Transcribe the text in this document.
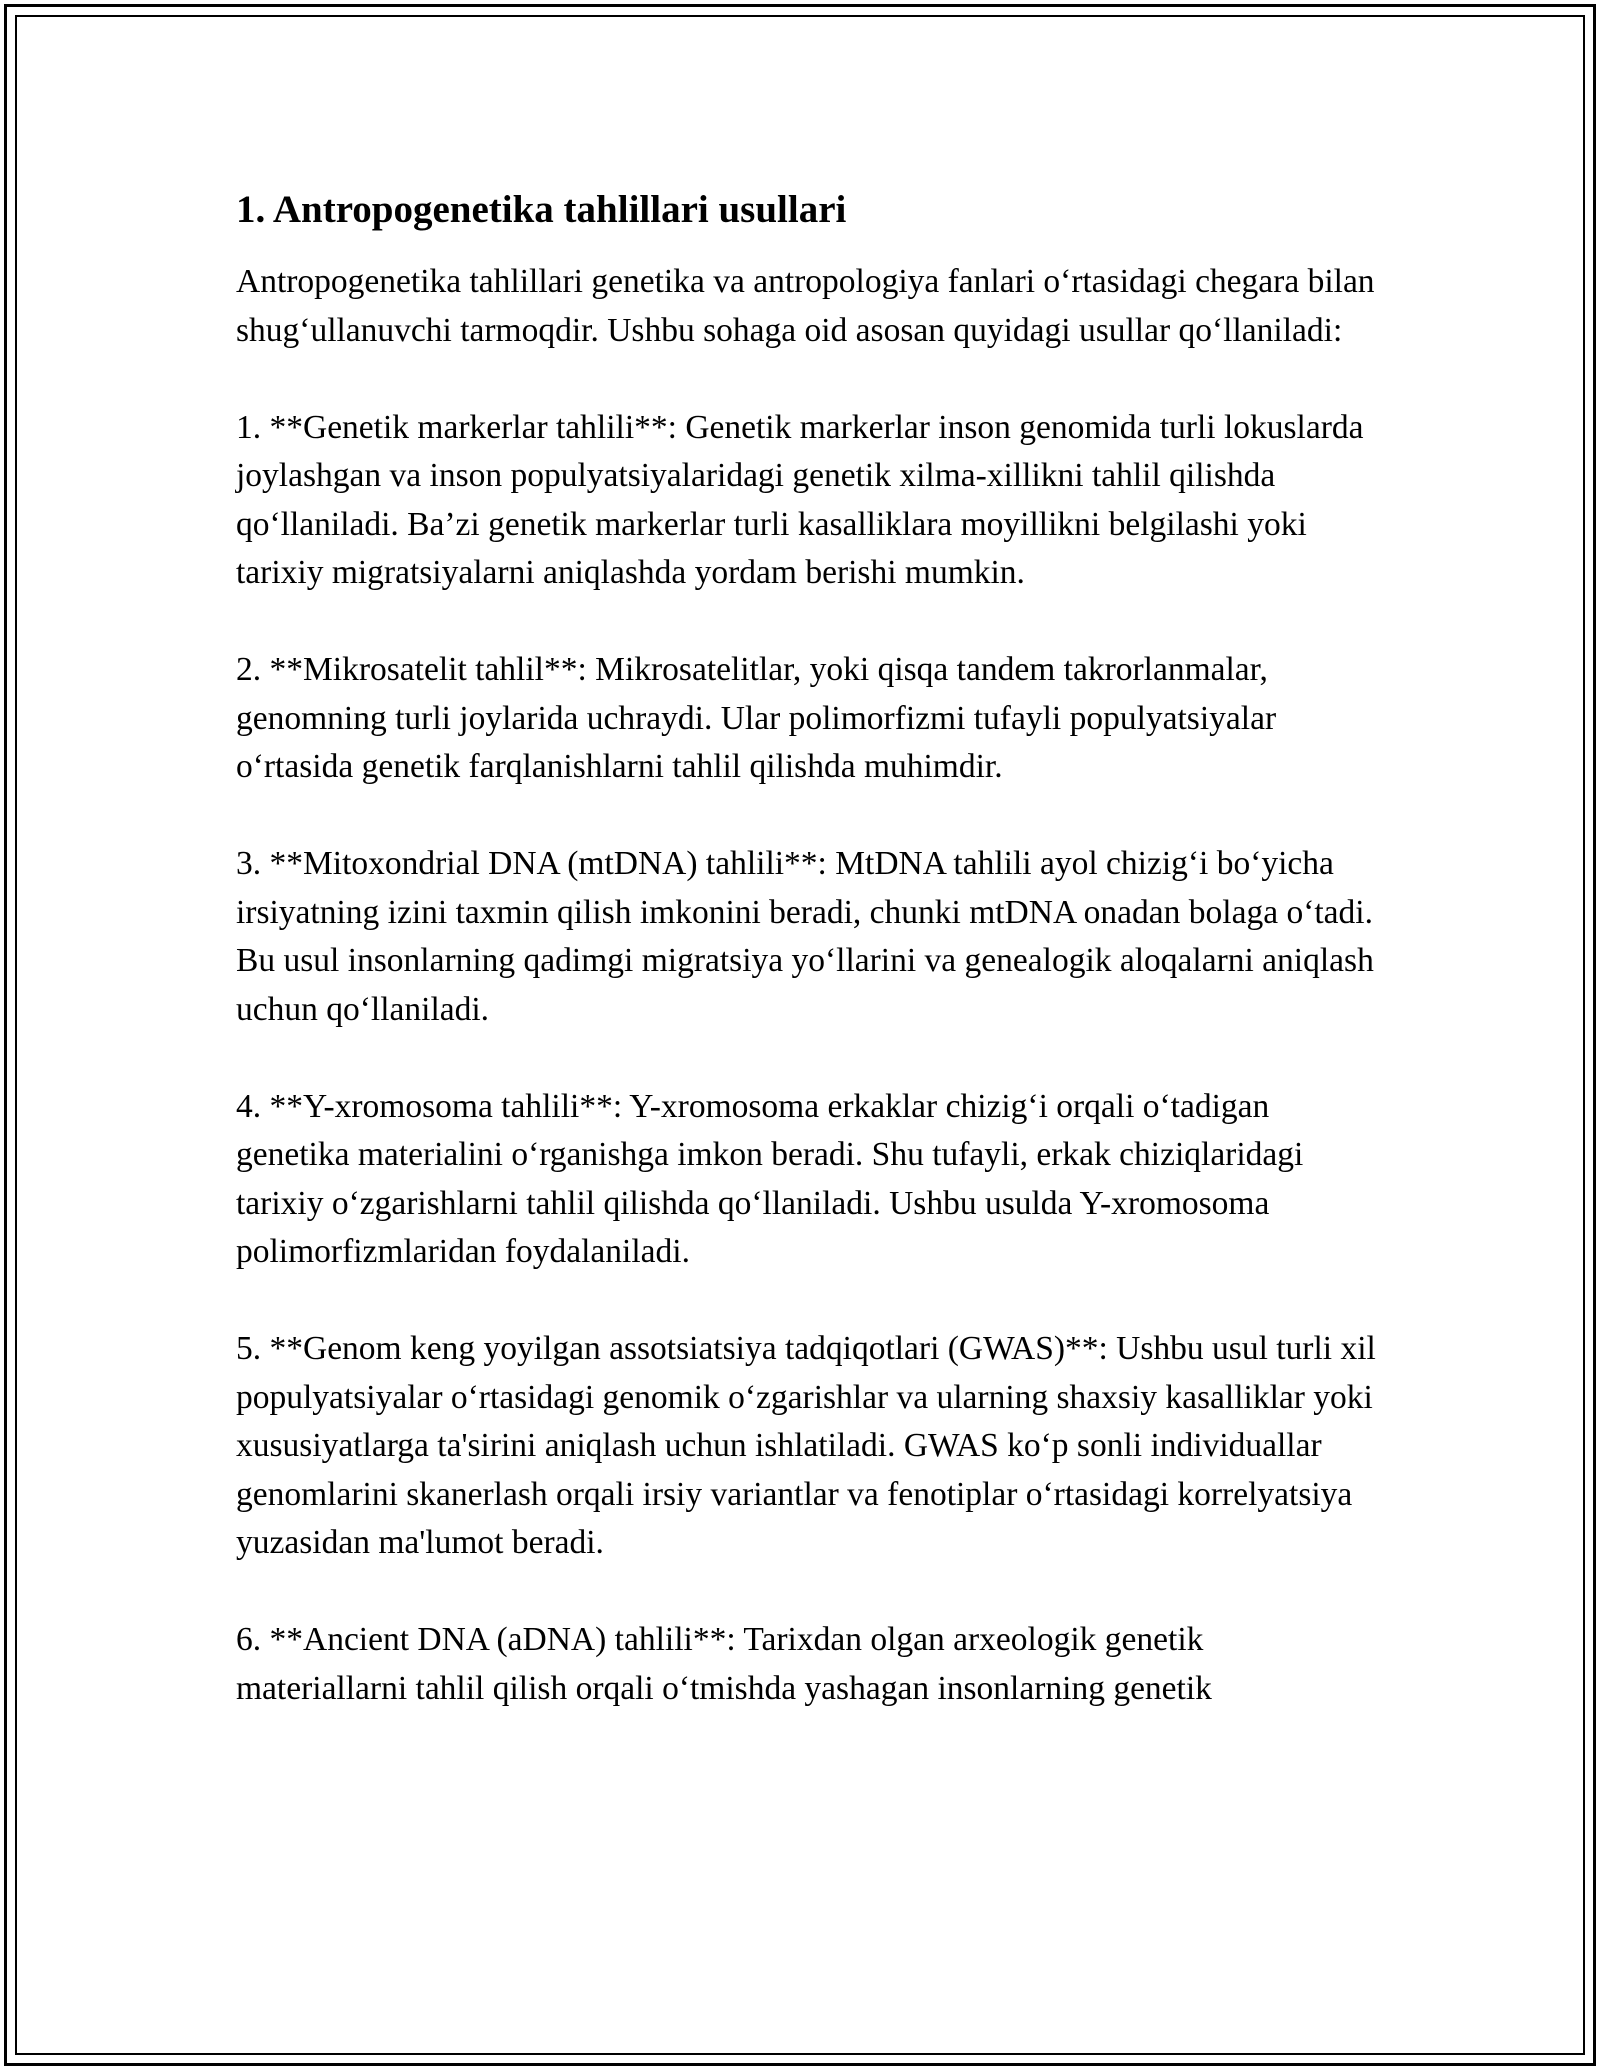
1. Antropogenetika tahlillari usullari

Antropogenetika tahlillari genetika va antropologiya fanlari o‘rtasidagi chegara bilan shug‘ullanuvchi tarmoqdir. Ushbu sohaga oid asosan quyidagi usullar qo‘llaniladi:

1. **Genetik markerlar tahlili**: Genetik markerlar inson genomida turli lokuslarda joylashgan va inson populyatsiyalaridagi genetik xilma-xillikni tahlil qilishda qo‘llaniladi. Ba’zi genetik markerlar turli kasalliklara moyillikni belgilashi yoki tarixiy migratsiyalarni aniqlashda yordam berishi mumkin.

2. **Mikrosatelit tahlil**: Mikrosatelitlar, yoki qisqa tandem takrorlanmalar, genomning turli joylarida uchraydi. Ular polimorfizmi tufayli populyatsiyalar o‘rtasida genetik farqlanishlarni tahlil qilishda muhimdir.

3. **Mitoxondrial DNA (mtDNA) tahlili**: MtDNA tahlili ayol chizig‘i bo‘yicha irsiyatning izini taxmin qilish imkonini beradi, chunki mtDNA onadan bolaga o‘tadi. Bu usul insonlarning qadimgi migratsiya yo‘llarini va genealogik aloqalarni aniqlash uchun qo‘llaniladi.

4. **Y-xromosoma tahlili**: Y-xromosoma erkaklar chizig‘i orqali o‘tadigan genetika materialini o‘rganishga imkon beradi. Shu tufayli, erkak chiziqlaridagi tarixiy o‘zgarishlarni tahlil qilishda qo‘llaniladi. Ushbu usulda Y-xromosoma polimorfizmlaridan foydalaniladi.

5. **Genom keng yoyilgan assotsiatsiya tadqiqotlari (GWAS)**: Ushbu usul turli xil populyatsiyalar o‘rtasidagi genomik o‘zgarishlar va ularning shaxsiy kasalliklar yoki xususiyatlarga ta'sirini aniqlash uchun ishlatiladi. GWAS ko‘p sonli individuallar genomlarini skanerlash orqali irsiy variantlar va fenotiplar o‘rtasidagi korrelyatsiya yuzasidan ma'lumot beradi.

6. **Ancient DNA (aDNA) tahlili**: Tarixdan olgan arxeologik genetik materiallarni tahlil qilish orqali o‘tmishda yashagan insonlarning genetik
